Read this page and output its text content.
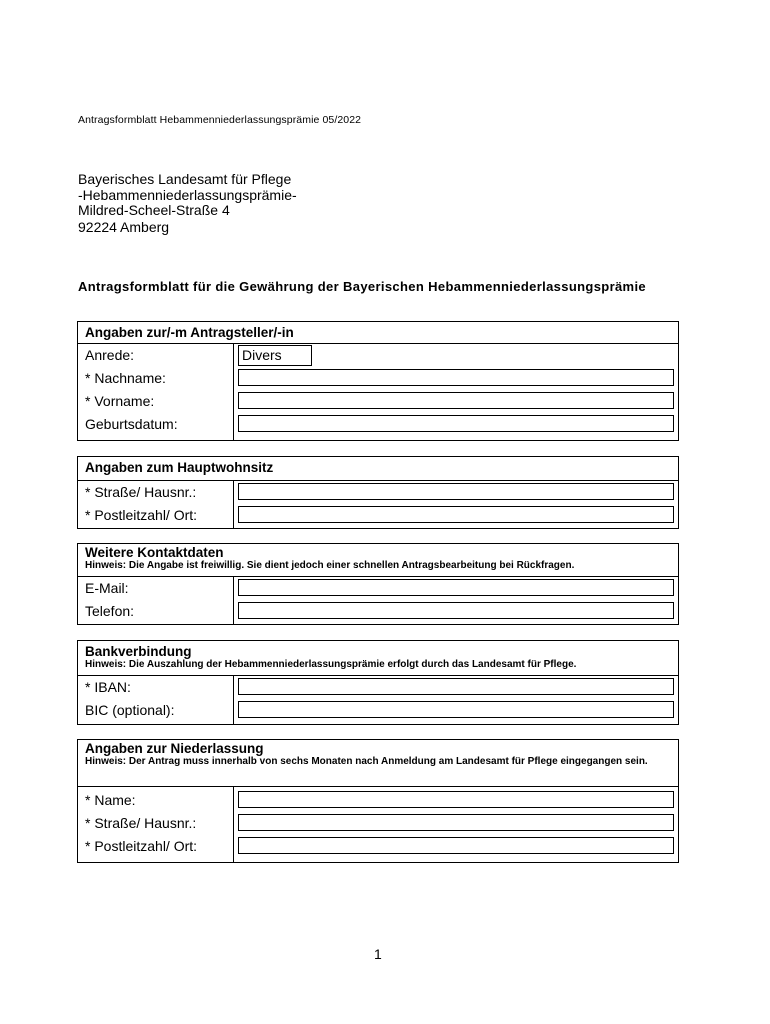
Antragsformblatt Hebammenniederlassungsprämie 05/2022
Bayerisches Landesamt für Pflege
-Hebammenniederlassungsprämie-
Mildred-Scheel-Straße 4
92224 Amberg
Antragsformblatt für die Gewährung der Bayerischen Hebammenniederlassungsprämie
Angaben zur/-m Antragsteller/-in
Anrede:	Divers
* Nachname:
* Vorname:
Geburtsdatum:
Angaben zum Hauptwohnsitz
* Straße/ Hausnr.:
* Postleitzahl/ Ort:
Weitere Kontaktdaten
Hinweis: Die Angabe ist freiwillig. Sie dient jedoch einer schnellen Antragsbearbeitung bei Rückfragen.
E-Mail:
Telefon:
Bankverbindung
Hinweis: Die Auszahlung der Hebammenniederlassungsprämie erfolgt durch das Landesamt für Pflege.
* IBAN:
BIC (optional):
Angaben zur Niederlassung
Hinweis: Der Antrag muss innerhalb von sechs Monaten nach Anmeldung am Landesamt für Pflege eingegangen sein.
* Name:
* Straße/ Hausnr.:
* Postleitzahl/ Ort:
1
